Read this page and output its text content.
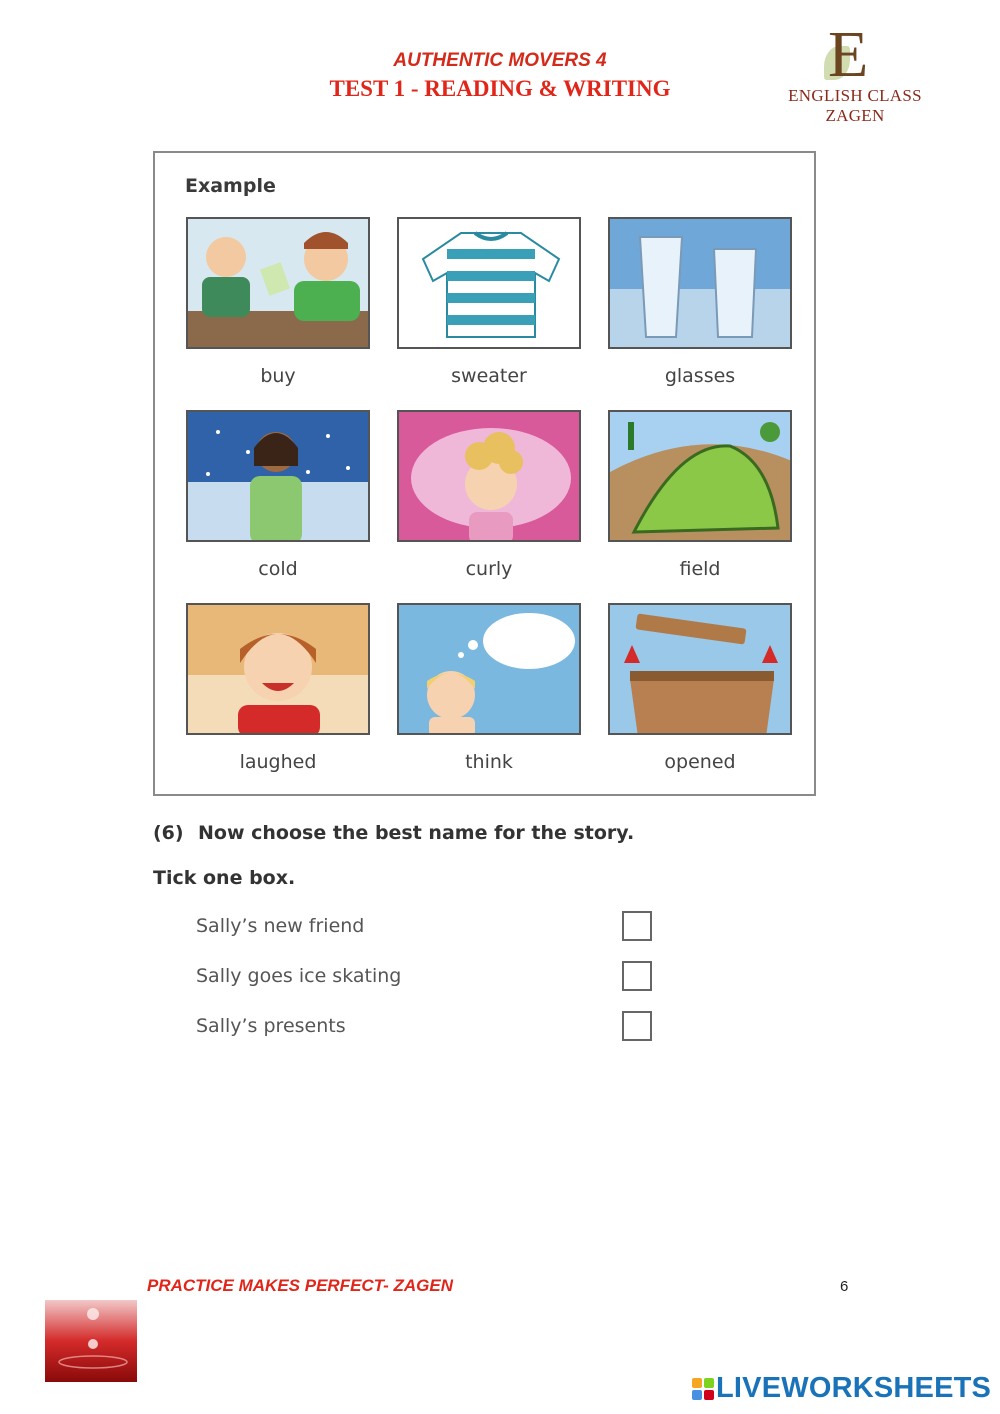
AUTHENTIC MOVERS 4
TEST 1 - READING & WRITING	E
ENGLISH CLASS ZAGEN
Example
buy	sweater	glasses
cold	curly	field
laughed	think	opened
(6) Now choose the best name for the story.
Tick one box.
Sally’s new friend
Sally goes ice skating
Sally’s presents
PRACTICE MAKES PERFECT- ZAGEN	6
LIVEWORKSHEETS
